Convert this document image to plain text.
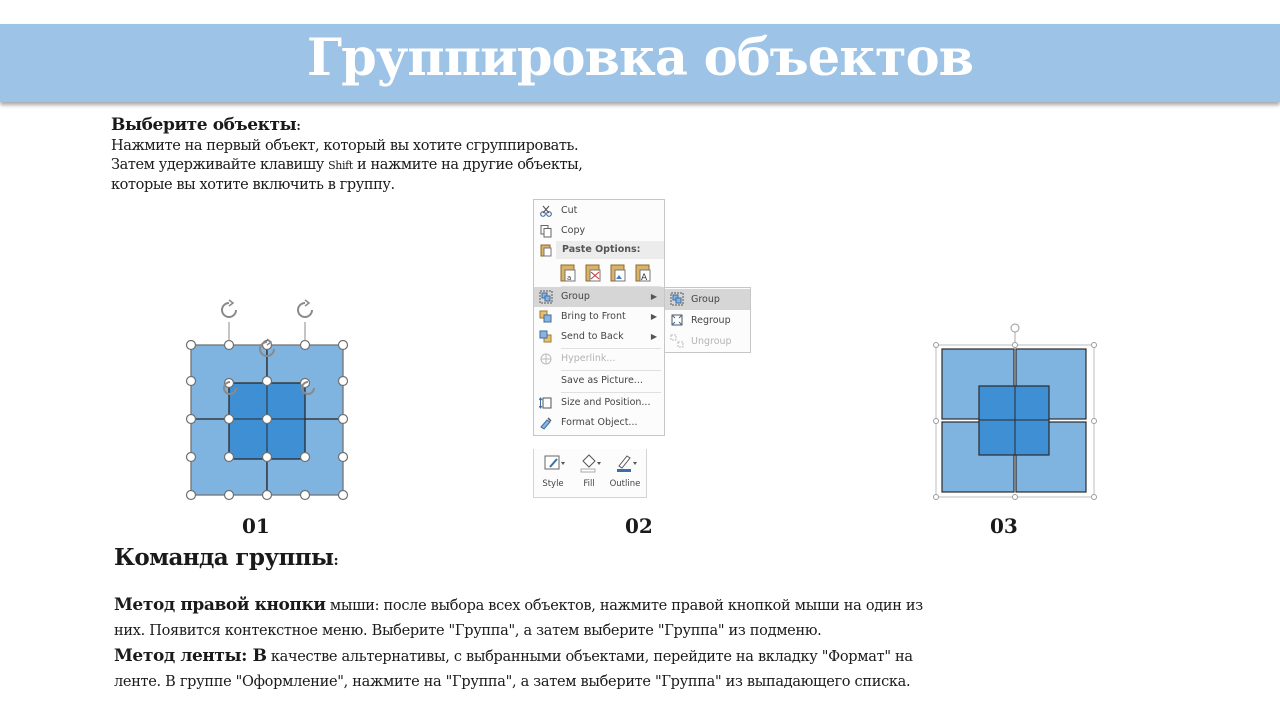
Группировка объектов
Выберите объекты:
Нажмите на первый объект, который вы хотите сгруппировать.
Затем удерживайте клавишу Shift и нажмите на другие объекты,
которые вы хотите включить в группу.
01
Cut
Copy
Paste Options:
a	A
Group	▶
Bring to Front	▶
Send to Back	▶
Hyperlink...
Save as Picture...
Size and Position...
Format Object...
Group
Regroup
Ungroup
Style	Fill	Outline
02	03
Команда группы:
Метод правой кнопки мыши: после выбора всех объектов, нажмите правой кнопкой мыши на один из
них. Появится контекстное меню. Выберите "Группа", а затем выберите "Группа" из подменю.
Метод ленты: В качестве альтернативы, с выбранными объектами, перейдите на вкладку "Формат" на
ленте. В группе "Оформление", нажмите на "Группа", а затем выберите "Группа" из выпадающего списка.
